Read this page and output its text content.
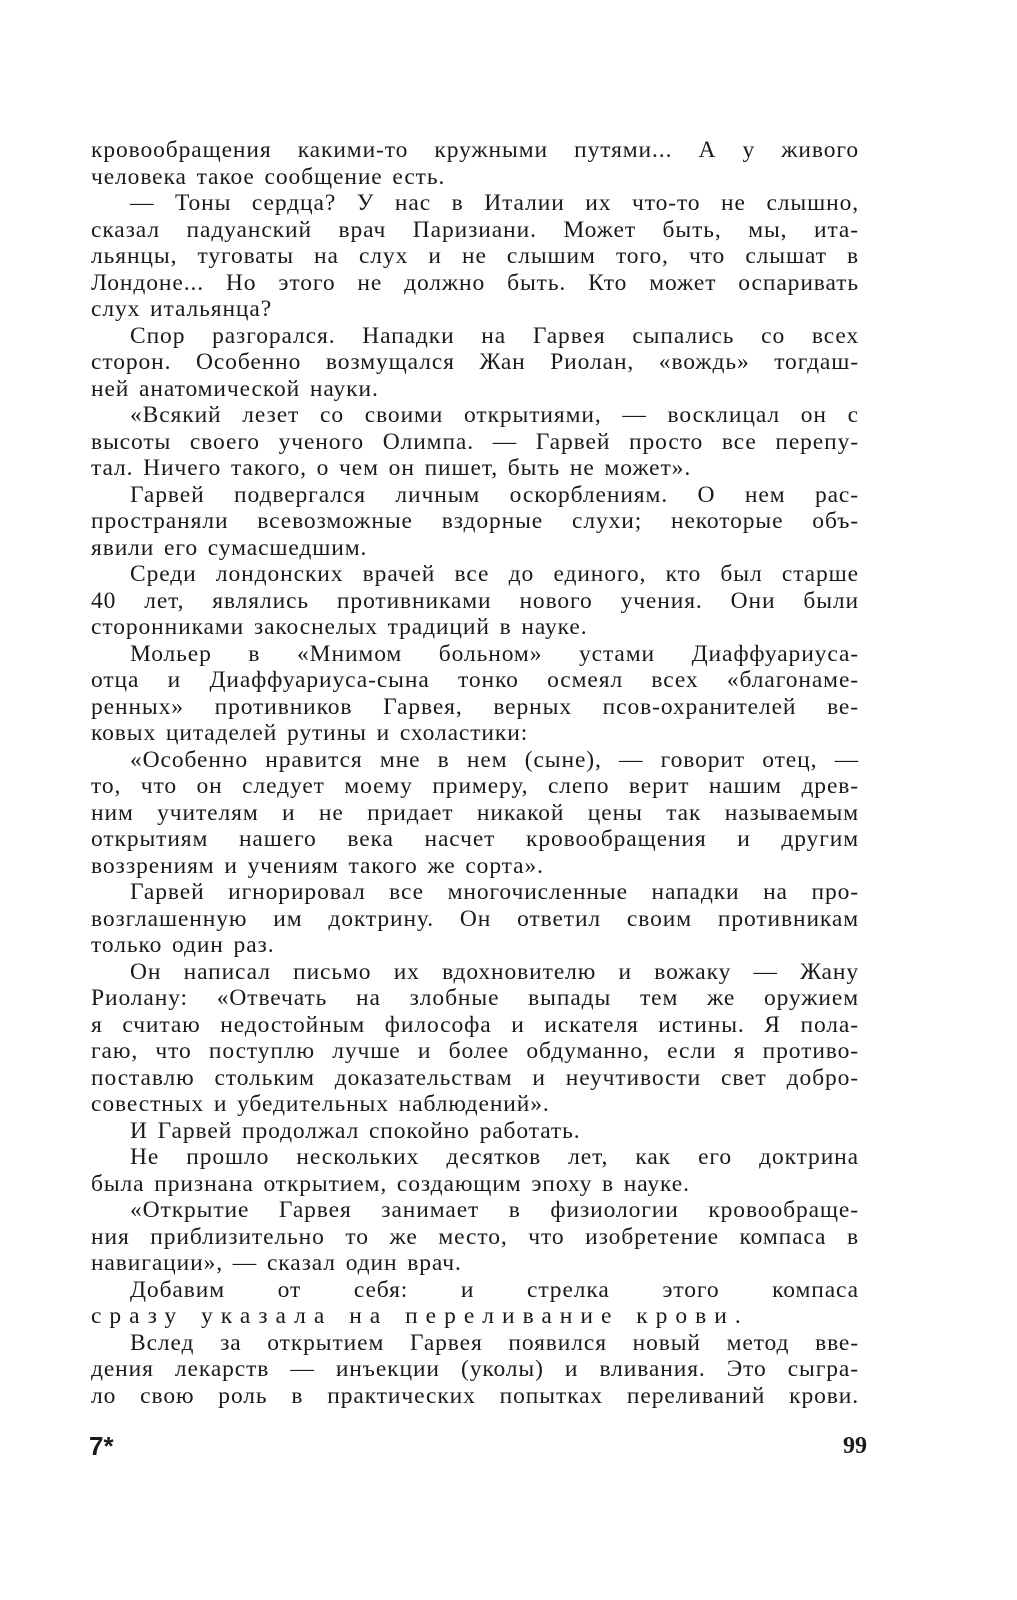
кровообращения какими-то кружными путями... А у живого
человека такое сообщение есть.
— Тоны сердца? У нас в Италии их что-то не слышно,
сказал падуанский врач Паризиани. Может быть, мы, ита-
льянцы, туговаты на слух и не слышим того, что слышат в
Лондоне... Но этого не должно быть. Кто может оспаривать
слух итальянца?
Спор разгорался. Нападки на Гарвея сыпались со всех
сторон. Особенно возмущался Жан Риолан, «вождь» тогдаш-
ней анатомической науки.
«Всякий лезет со своими открытиями, — восклицал он с
высоты своего ученого Олимпа. — Гарвей просто все перепу-
тал. Ничего такого, о чем он пишет, быть не может».
Гарвей подвергался личным оскорблениям. О нем рас-
пространяли всевозможные вздорные слухи; некоторые объ-
явили его сумасшедшим.
Среди лондонских врачей все до единого, кто был старше
40 лет, являлись противниками нового учения. Они были
сторонниками закоснелых традиций в науке.
Мольер в «Мнимом больном» устами Диаффуариуса-
отца и Диаффуариуса-сына тонко осмеял всех «благонаме-
ренных» противников Гарвея, верных псов-охранителей ве-
ковых цитаделей рутины и схоластики:
«Особенно нравится мне в нем (сыне), — говорит отец, —
то, что он следует моему примеру, слепо верит нашим древ-
ним учителям и не придает никакой цены так называемым
открытиям нашего века насчет кровообращения и другим
воззрениям и учениям такого же сорта».
Гарвей игнорировал все многочисленные нападки на про-
возглашенную им доктрину. Он ответил своим противникам
только один раз.
Он написал письмо их вдохновителю и вожаку — Жану
Риолану: «Отвечать на злобные выпады тем же оружием
я считаю недостойным философа и искателя истины. Я пола-
гаю, что поступлю лучше и более обдуманно, если я противо-
поставлю стольким доказательствам и неучтивости свет добро-
совестных и убедительных наблюдений».
И Гарвей продолжал спокойно работать.
Не прошло нескольких десятков лет, как его доктрина
была признана открытием, создающим эпоху в науке.
«Открытие Гарвея занимает в физиологии кровообраще-
ния приблизительно то же место, что изобретение компаса в
навигации», — сказал один врач.
Добавим от себя: и стрелка этого компаса
сразу указала на переливание крови.
Вслед за открытием Гарвея появился новый метод вве-
дения лекарств — инъекции (уколы) и вливания. Это сыгра-
ло свою роль в практических попытках переливаний крови.
7*	99
